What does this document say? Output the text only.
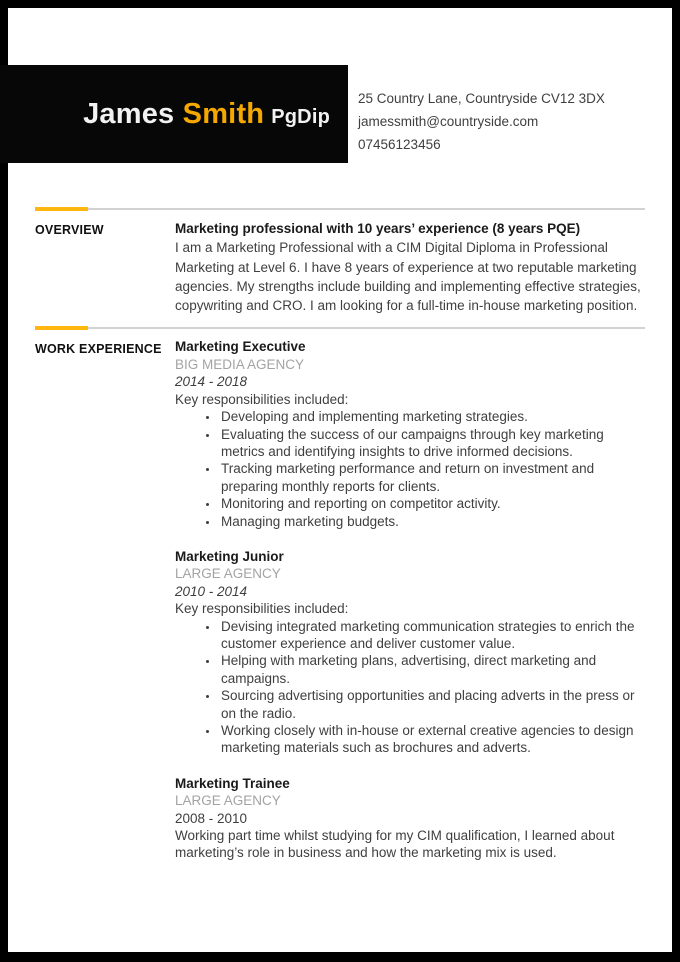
James Smith PgDip
25 Country Lane, Countryside CV12 3DX
jamessmith@countryside.com
07456123456
OVERVIEW	Marketing professional with 10 years’ experience (8 years PQE)
I am a Marketing Professional with a CIM Digital Diploma in Professional Marketing at Level 6. I have 8 years of experience at two reputable marketing agencies. My strengths include building and implementing effective strategies, copywriting and CRO. I am looking for a full-time in-house marketing position.
WORK EXPERIENCE Marketing Executive
BIG MEDIA AGENCY
2014 - 2018
Key responsibilities included:
• Developing and implementing marketing strategies.
• Evaluating the success of our campaigns through key marketing metrics and identifying insights to drive informed decisions.
• Tracking marketing performance and return on investment and preparing monthly reports for clients.
• Monitoring and reporting on competitor activity.
• Managing marketing budgets.
Marketing Junior
LARGE AGENCY
2010 - 2014
Key responsibilities included:
• Devising integrated marketing communication strategies to enrich the customer experience and deliver customer value.
• Helping with marketing plans, advertising, direct marketing and campaigns.
• Sourcing advertising opportunities and placing adverts in the press or on the radio.
• Working closely with in-house or external creative agencies to design marketing materials such as brochures and adverts.
Marketing Trainee
LARGE AGENCY
2008 - 2010
Working part time whilst studying for my CIM qualification, I learned about marketing’s role in business and how the marketing mix is used.
